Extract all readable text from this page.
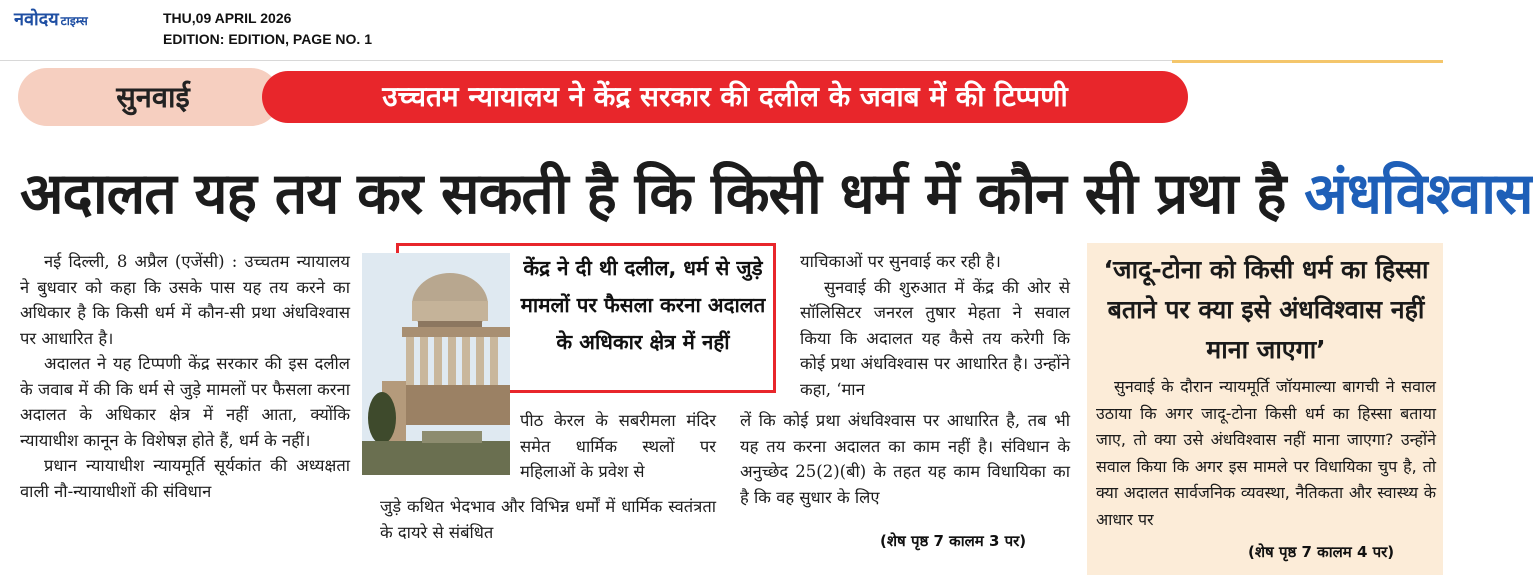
नवोदय टाइम्स	THU,09 APRIL 2026
EDITION: EDITION, PAGE NO. 1
सुनवाई	उच्चतम न्यायालय ने केंद्र सरकार की दलील के जवाब में की टिप्पणी
अदालत यह तय कर सकती है कि किसी धर्म में कौन सी प्रथा है अंधविश्वास

नई दिल्ली, 8 अप्रैल (एजेंसी) : उच्चतम न्यायालय ने बुधवार को कहा कि उसके पास यह तय करने का अधिकार है कि किसी धर्म में कौन-सी प्रथा अंधविश्वास पर आधारित है।

अदालत ने यह टिप्पणी केंद्र सरकार की इस दलील के जवाब में की कि धर्म से जुड़े मामलों पर फैसला करना अदालत के अधिकार क्षेत्र में नहीं आता, क्योंकि न्यायाधीश कानून के विशेषज्ञ होते हैं, धर्म के नहीं।

प्रधान न्यायाधीश न्यायमूर्ति सूर्यकांत की अध्यक्षता वाली नौ-न्यायाधीशों की संविधान

केंद्र ने दी थी दलील, धर्म से जुड़े मामलों पर फैसला करना अदालत के अधिकार क्षेत्र में नहीं

पीठ केरल के सबरीमला मंदिर समेत धार्मिक स्थलों पर महिलाओं के प्रवेश से

जुड़े कथित भेदभाव और विभिन्न धर्मों में धार्मिक स्वतंत्रता के दायरे से संबंधित

याचिकाओं पर सुनवाई कर रही है।

सुनवाई की शुरुआत में केंद्र की ओर से सॉलिसिटर जनरल तुषार मेहता ने सवाल किया कि अदालत यह कैसे तय करेगी कि कोई प्रथा अंधविश्वास पर आधारित है। उन्होंने कहा, ‘मान

लें कि कोई प्रथा अंधविश्वास पर आधारित है, तब भी यह तय करना अदालत का काम नहीं है। संविधान के अनुच्छेद 25(2)(बी) के तहत यह काम विधायिका का है कि वह सुधार के लिए

(शेष पृष्ठ 7 कालम 3 पर)
‘जादू-टोना को किसी धर्म का हिस्सा बताने पर क्या इसे अंधविश्वास नहीं माना जाएगा’

सुनवाई के दौरान न्यायमूर्ति जॉयमाल्या बागची ने सवाल उठाया कि अगर जादू-टोना किसी धर्म का हिस्सा बताया जाए, तो क्या उसे अंधविश्वास नहीं माना जाएगा? उन्होंने सवाल किया कि अगर इस मामले पर विधायिका चुप है, तो क्या अदालत सार्वजनिक व्यवस्था, नैतिकता और स्वास्थ्य के आधार पर

(शेष पृष्ठ 7 कालम 4 पर)
